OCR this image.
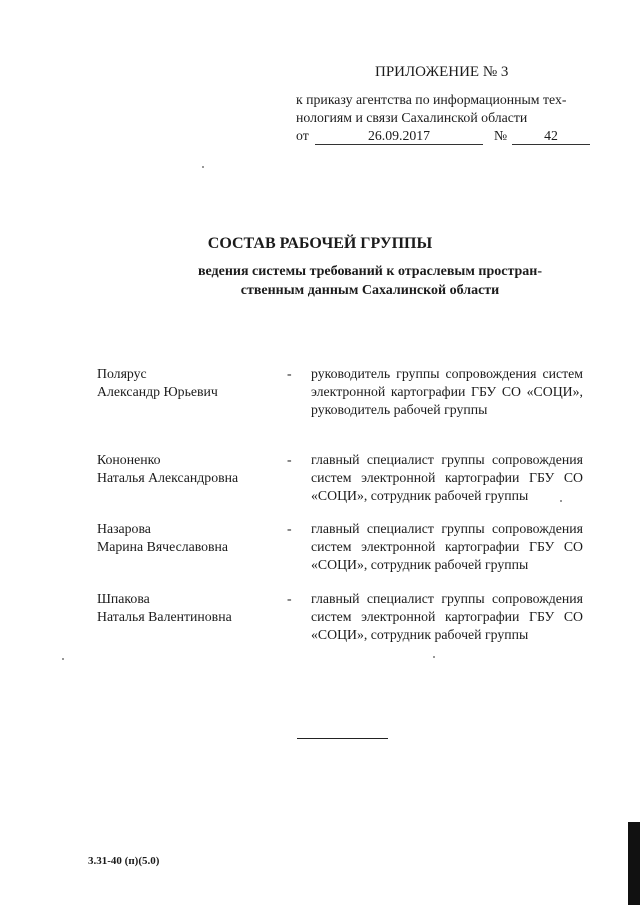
ПРИЛОЖЕНИЕ № 3
к приказу агентства по информационным тех-
нологиям и связи Сахалинской области
от	26.09.2017	№	42
СОСТАВ РАБОЧЕЙ ГРУППЫ
ведения системы требований к отраслевым простран-
ственным данным Сахалинской области
Полярус
Александр Юрьевич
- руководитель группы сопровождения систем электронной картографии ГБУ СО «СОЦИ», руководитель рабочей группы
Кононенко
Наталья Александровна
- главный специалист группы сопровождения систем электронной картографии ГБУ СО «СОЦИ», сотрудник рабочей группы
Назарова
Марина Вячеславовна
- главный специалист группы сопровождения систем электронной картографии ГБУ СО «СОЦИ», сотрудник рабочей группы
Шпакова
Наталья Валентиновна
- главный специалист группы сопровождения систем электронной картографии ГБУ СО «СОЦИ», сотрудник рабочей группы
3.31-40 (п)(5.0)
